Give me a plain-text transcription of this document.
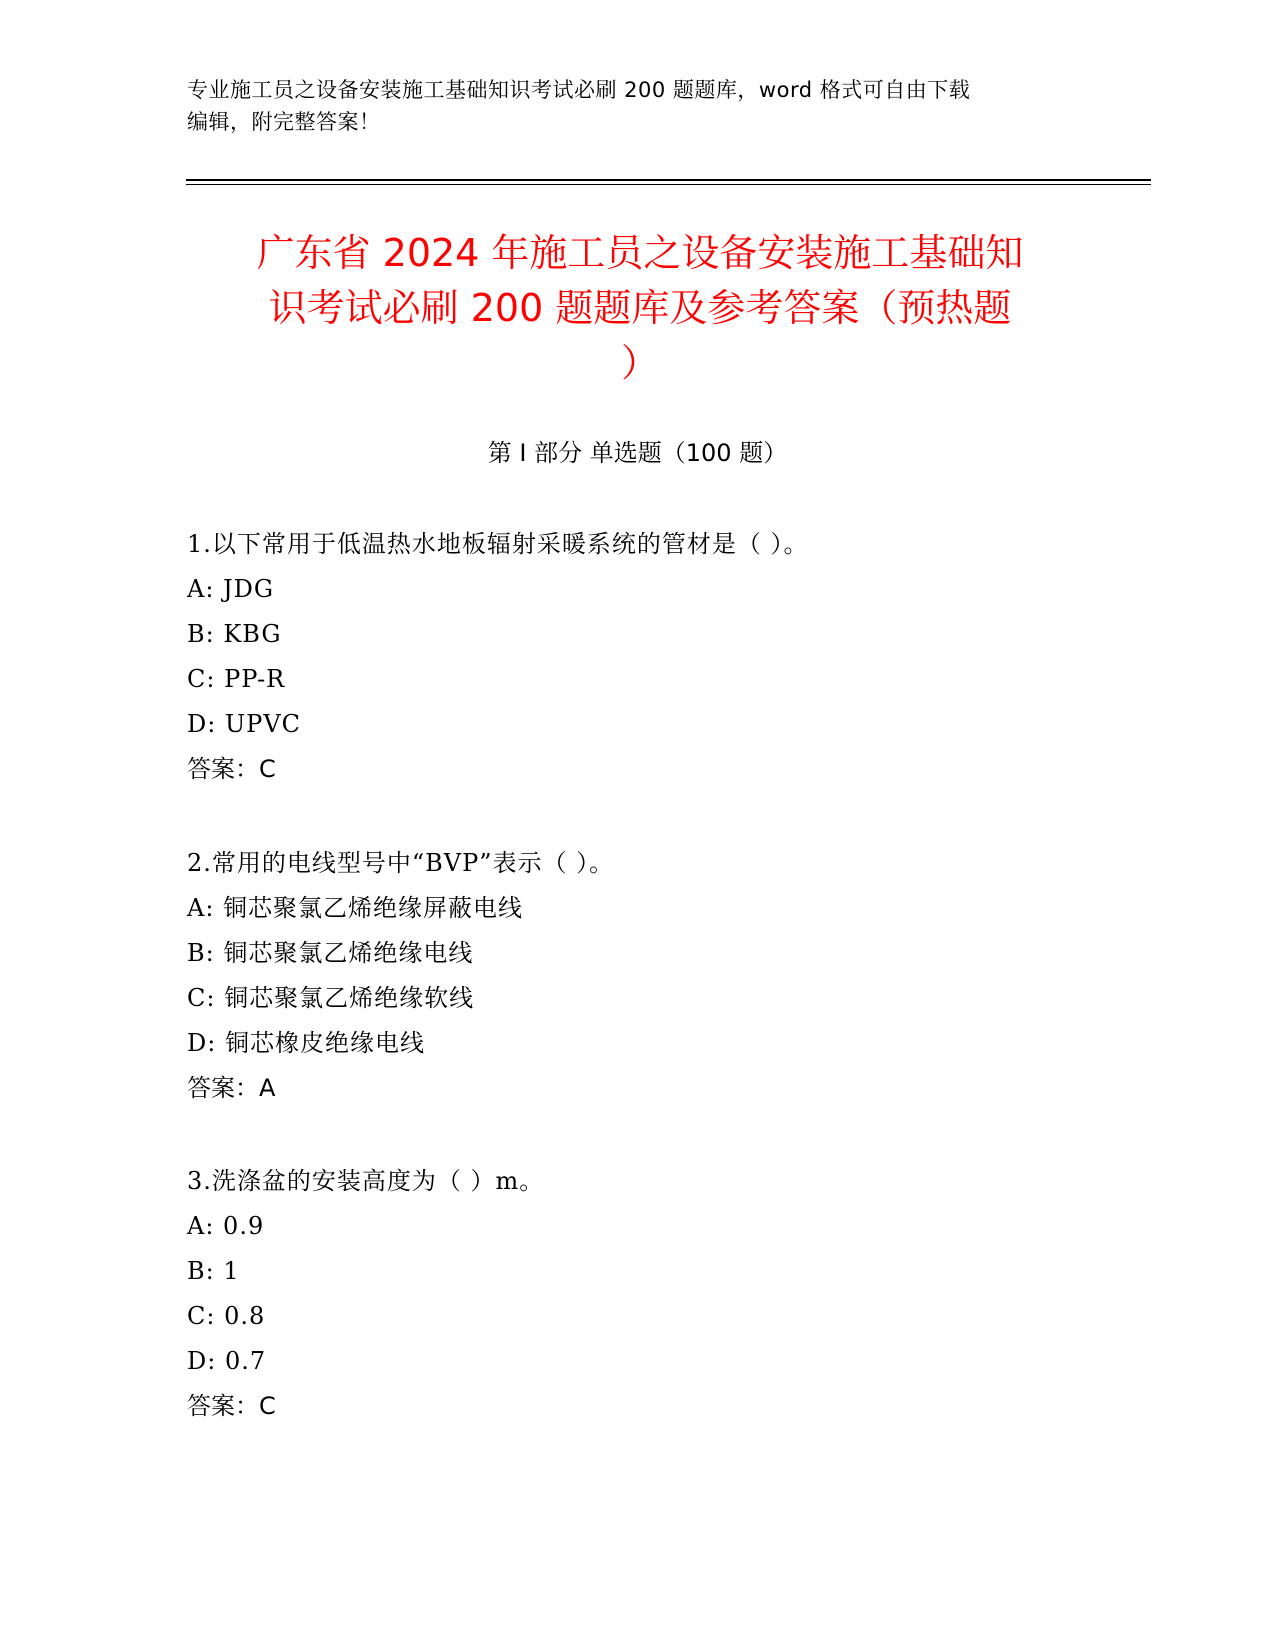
专业施工员之设备安装施工基础知识考试必刷 200 题题库，word 格式可自由下载
编辑，附完整答案！
广东省 2024 年施工员之设备安装施工基础知
识考试必刷 200 题题库及参考答案（预热题
）
第 I 部分 单选题（100 题）
1.以下常用于低温热水地板辐射采暖系统的管材是（ ）。
A: JDG
B: KBG
C: PP-R
D: UPVC
答案：C
2.常用的电线型号中“BVP”表示（ ）。
A: 铜芯聚氯乙烯绝缘屏蔽电线
B: 铜芯聚氯乙烯绝缘电线
C: 铜芯聚氯乙烯绝缘软线
D: 铜芯橡皮绝缘电线
答案：A
3.洗涤盆的安装高度为（ ）m。
A: 0.9
B: 1
C: 0.8
D: 0.7
答案：C
